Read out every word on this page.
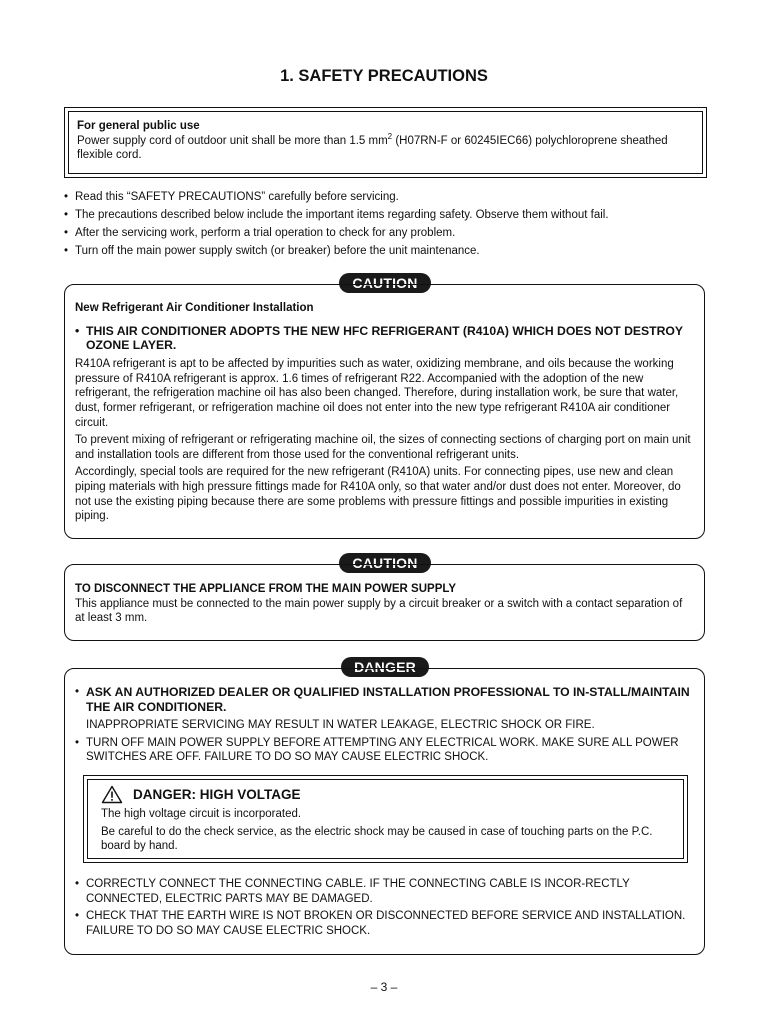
1. SAFETY PRECAUTIONS
For general public use
Power supply cord of outdoor unit shall be more than 1.5 $mm^2$ (H07RN-F or 60245IEC66) polychloroprene sheathed flexible cord.
• Read this “SAFETY PRECAUTIONS” carefully before servicing.
• The precautions described below include the important items regarding safety. Observe them without fail.
• After the servicing work, perform a trial operation to check for any problem.
• Turn off the main power supply switch (or breaker) before the unit maintenance.
CAUTION

New Refrigerant Air Conditioner Installation

• THIS AIR CONDITIONER ADOPTS THE NEW HFC REFRIGERANT (R410A) WHICH DOES NOT DESTROY OZONE LAYER.

R410A refrigerant is apt to be affected by impurities such as water, oxidizing membrane, and oils because the working pressure of R410A refrigerant is approx. 1.6 times of refrigerant R22. Accompanied with the adoption of the new refrigerant, the refrigeration machine oil has also been changed. Therefore, during installation work, be sure that water, dust, former refrigerant, or refrigeration machine oil does not enter into the new type refrigerant R410A air conditioner circuit.

To prevent mixing of refrigerant or refrigerating machine oil, the sizes of connecting sections of charging port on main unit and installation tools are different from those used for the conventional refrigerant units.

Accordingly, special tools are required for the new refrigerant (R410A) units. For connecting pipes, use new and clean piping materials with high pressure fittings made for R410A only, so that water and/or dust does not enter. Moreover, do not use the existing piping because there are some problems with pressure fittings and possible impurities in existing piping.

CAUTION

TO DISCONNECT THE APPLIANCE FROM THE MAIN POWER SUPPLY

This appliance must be connected to the main power supply by a circuit breaker or a switch with a contact separation of at least 3 mm.

DANGER
• ASK AN AUTHORIZED DEALER OR QUALIFIED INSTALLATION PROFESSIONAL TO IN-STALL/MAINTAIN THE AIR CONDITIONER.
INAPPROPRIATE SERVICING MAY RESULT IN WATER LEAKAGE, ELECTRIC SHOCK OR FIRE.
• TURN OFF MAIN POWER SUPPLY BEFORE ATTEMPTING ANY ELECTRICAL WORK. MAKE SURE ALL POWER SWITCHES ARE OFF. FAILURE TO DO SO MAY CAUSE ELECTRIC SHOCK.
DANGER: HIGH VOLTAGE

The high voltage circuit is incorporated.

Be careful to do the check service, as the electric shock may be caused in case of touching parts on the P.C. board by hand.

• CORRECTLY CONNECT THE CONNECTING CABLE. IF THE CONNECTING CABLE IS INCOR-RECTLY CONNECTED, ELECTRIC PARTS MAY BE DAMAGED.
• CHECK THAT THE EARTH WIRE IS NOT BROKEN OR DISCONNECTED BEFORE SERVICE AND INSTALLATION. FAILURE TO DO SO MAY CAUSE ELECTRIC SHOCK.
– 3 –
